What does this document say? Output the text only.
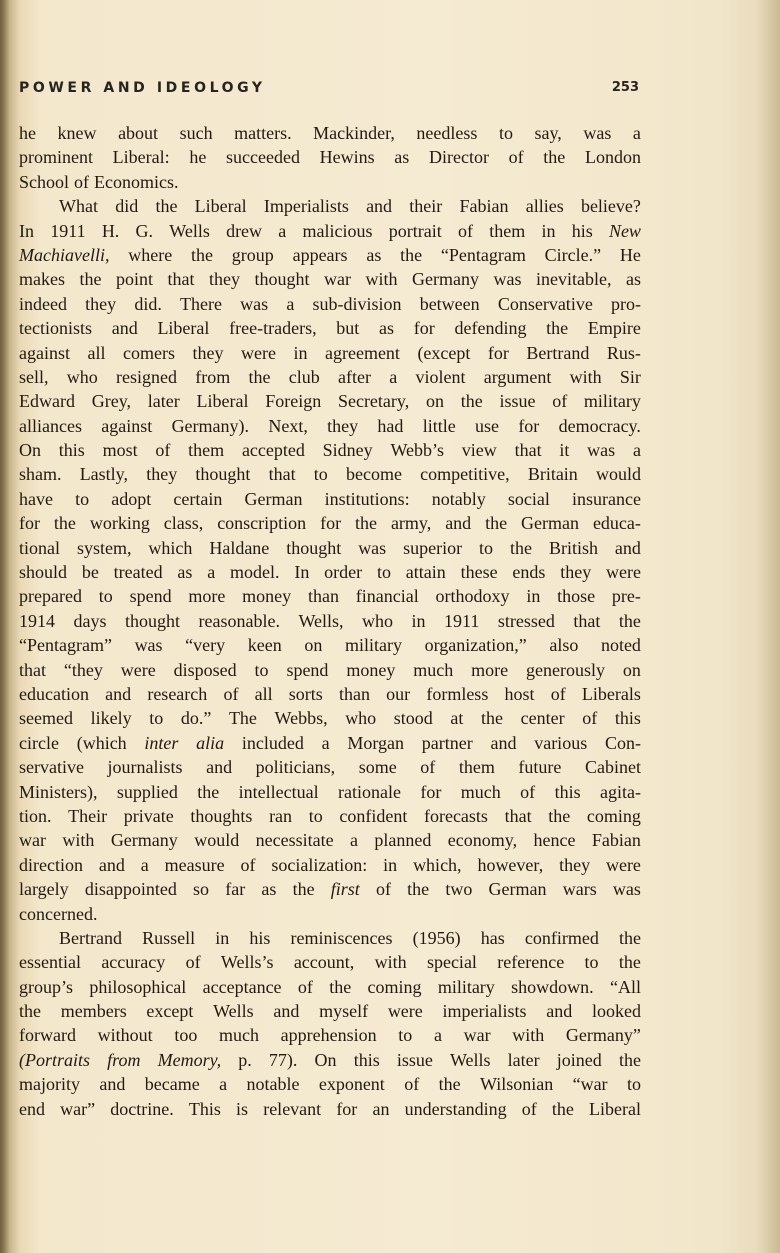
POWER AND IDEOLOGY	253
he knew about such matters. Mackinder, needless to say, was a
prominent Liberal: he succeeded Hewins as Director of the London
School of Economics.
What did the Liberal Imperialists and their Fabian allies believe?
In 1911 H. G. Wells drew a malicious portrait of them in his New
Machiavelli, where the group appears as the “Pentagram Circle.” He
makes the point that they thought war with Germany was inevitable, as
indeed they did. There was a sub-division between Conservative pro-
tectionists and Liberal free-traders, but as for defending the Empire
against all comers they were in agreement (except for Bertrand Rus-
sell, who resigned from the club after a violent argument with Sir
Edward Grey, later Liberal Foreign Secretary, on the issue of military
alliances against Germany). Next, they had little use for democracy.
On this most of them accepted Sidney Webb’s view that it was a
sham. Lastly, they thought that to become competitive, Britain would
have to adopt certain German institutions: notably social insurance
for the working class, conscription for the army, and the German educa-
tional system, which Haldane thought was superior to the British and
should be treated as a model. In order to attain these ends they were
prepared to spend more money than financial orthodoxy in those pre-
1914 days thought reasonable. Wells, who in 1911 stressed that the
“Pentagram” was “very keen on military organization,” also noted
that “they were disposed to spend money much more generously on
education and research of all sorts than our formless host of Liberals
seemed likely to do.” The Webbs, who stood at the center of this
circle (which inter alia included a Morgan partner and various Con-
servative journalists and politicians, some of them future Cabinet
Ministers), supplied the intellectual rationale for much of this agita-
tion. Their private thoughts ran to confident forecasts that the coming
war with Germany would necessitate a planned economy, hence Fabian
direction and a measure of socialization: in which, however, they were
largely disappointed so far as the first of the two German wars was
concerned.
Bertrand Russell in his reminiscences (1956) has confirmed the
essential accuracy of Wells’s account, with special reference to the
group’s philosophical acceptance of the coming military showdown. “All
the members except Wells and myself were imperialists and looked
forward without too much apprehension to a war with Germany”
(Portraits from Memory, p. 77). On this issue Wells later joined the
majority and became a notable exponent of the Wilsonian “war to
end war” doctrine. This is relevant for an understanding of the Liberal
